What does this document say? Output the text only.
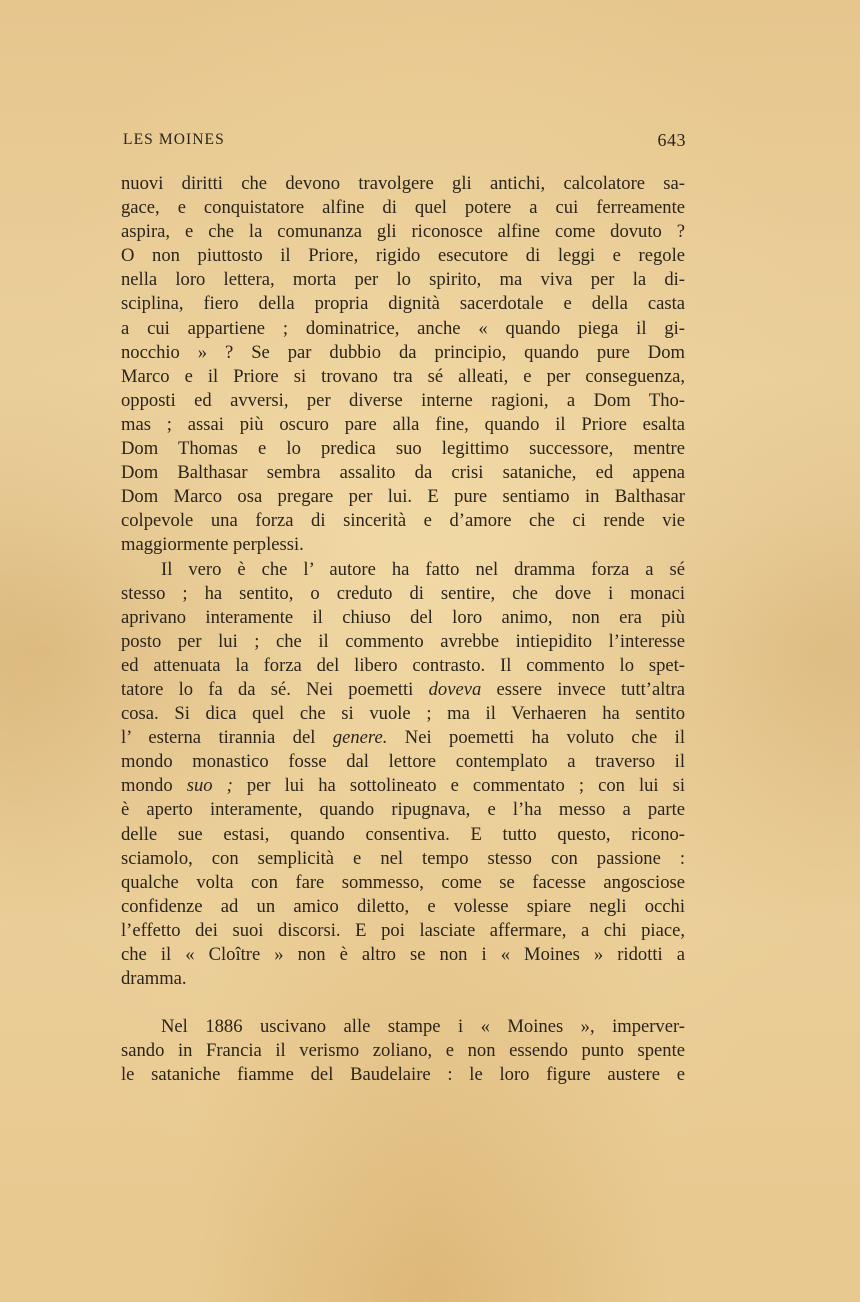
LES MOINES	643
nuovi diritti che devono travolgere gli antichi, calcolatore sa-
gace, e conquistatore alfine di quel potere a cui ferreamente
aspira, e che la comunanza gli riconosce alfine come dovuto ?
O non piuttosto il Priore, rigido esecutore di leggi e regole
nella loro lettera, morta per lo spirito, ma viva per la di-
sciplina, fiero della propria dignità sacerdotale e della casta
a cui appartiene ; dominatrice, anche « quando piega il gi-
nocchio » ? Se par dubbio da principio, quando pure Dom
Marco e il Priore si trovano tra sé alleati, e per conseguenza,
opposti ed avversi, per diverse interne ragioni, a Dom Tho-
mas ; assai più oscuro pare alla fine, quando il Priore esalta
Dom Thomas e lo predica suo legittimo successore, mentre
Dom Balthasar sembra assalito da crisi sataniche, ed appena
Dom Marco osa pregare per lui. E pure sentiamo in Balthasar
colpevole una forza di sincerità e d’amore che ci rende vie
maggiormente perplessi.
Il vero è che l’ autore ha fatto nel dramma forza a sé
stesso ; ha sentito, o creduto di sentire, che dove i monaci
aprivano interamente il chiuso del loro animo, non era più
posto per lui ; che il commento avrebbe intiepidito l’interesse
ed attenuata la forza del libero contrasto. Il commento lo spet-
tatore lo fa da sé. Nei poemetti doveva essere invece tutt’altra
cosa. Si dica quel che si vuole ; ma il Verhaeren ha sentito
l’ esterna tirannia del genere. Nei poemetti ha voluto che il
mondo monastico fosse dal lettore contemplato a traverso il
mondo suo ; per lui ha sottolineato e commentato ; con lui si
è aperto interamente, quando ripugnava, e l’ha messo a parte
delle sue estasi, quando consentiva. E tutto questo, ricono-
sciamolo, con semplicità e nel tempo stesso con passione :
qualche volta con fare sommesso, come se facesse angosciose
confidenze ad un amico diletto, e volesse spiare negli occhi
l’effetto dei suoi discorsi. E poi lasciate affermare, a chi piace,
che il « Cloître » non è altro se non i « Moines » ridotti a
dramma.
Nel 1886 uscivano alle stampe i « Moines », imperver-
sando in Francia il verismo zoliano, e non essendo punto spente
le sataniche fiamme del Baudelaire : le loro figure austere e
